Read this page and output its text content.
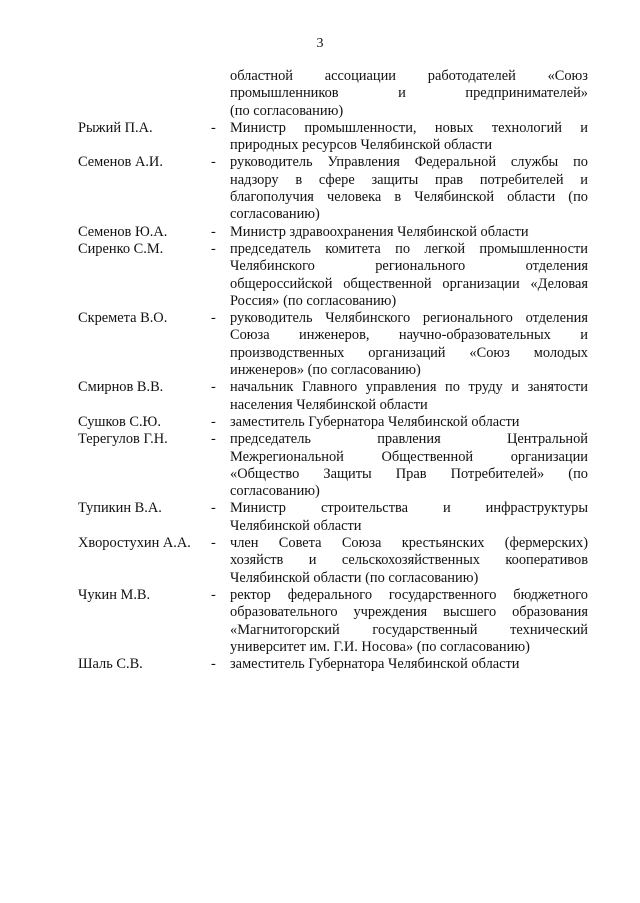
3
областной ассоциации работодателей «Союз
промышленников и предпринимателей»
(по согласованию)
Рыжий П.А.	- Министр промышленности, новых технологий и
природных ресурсов Челябинской области
Семенов А.И.	- руководитель Управления Федеральной службы по
надзору в сфере защиты прав потребителей и
благополучия человека в Челябинской области (по
согласованию)
Семенов Ю.А.	- Министр здравоохранения Челябинской области
Сиренко С.М.	- председатель комитета по легкой промышленности
Челябинского регионального отделения
общероссийской общественной организации «Деловая
Россия» (по согласованию)
Скремета В.О.	- руководитель Челябинского регионального отделения
Союза инженеров, научно-образовательных и
производственных организаций «Союз молодых
инженеров» (по согласованию)
Смирнов В.В.	- начальник Главного управления по труду и занятости
населения Челябинской области
Сушков С.Ю.	- заместитель Губернатора Челябинской области
Терегулов Г.Н.	- председатель правления Центральной
Межрегиональной Общественной организации
«Общество Защиты Прав Потребителей» (по
согласованию)
Тупикин В.А.	- Министр строительства и инфраструктуры
Челябинской области
Хворостухин А.А.	- член Совета Союза крестьянских (фермерских)
хозяйств и сельскохозяйственных кооперативов
Челябинской области (по согласованию)
Чукин М.В.	- ректор федерального государственного бюджетного
образовательного учреждения высшего образования
«Магнитогорский государственный технический
университет им. Г.И. Носова» (по согласованию)
Шаль С.В.	- заместитель Губернатора Челябинской области
